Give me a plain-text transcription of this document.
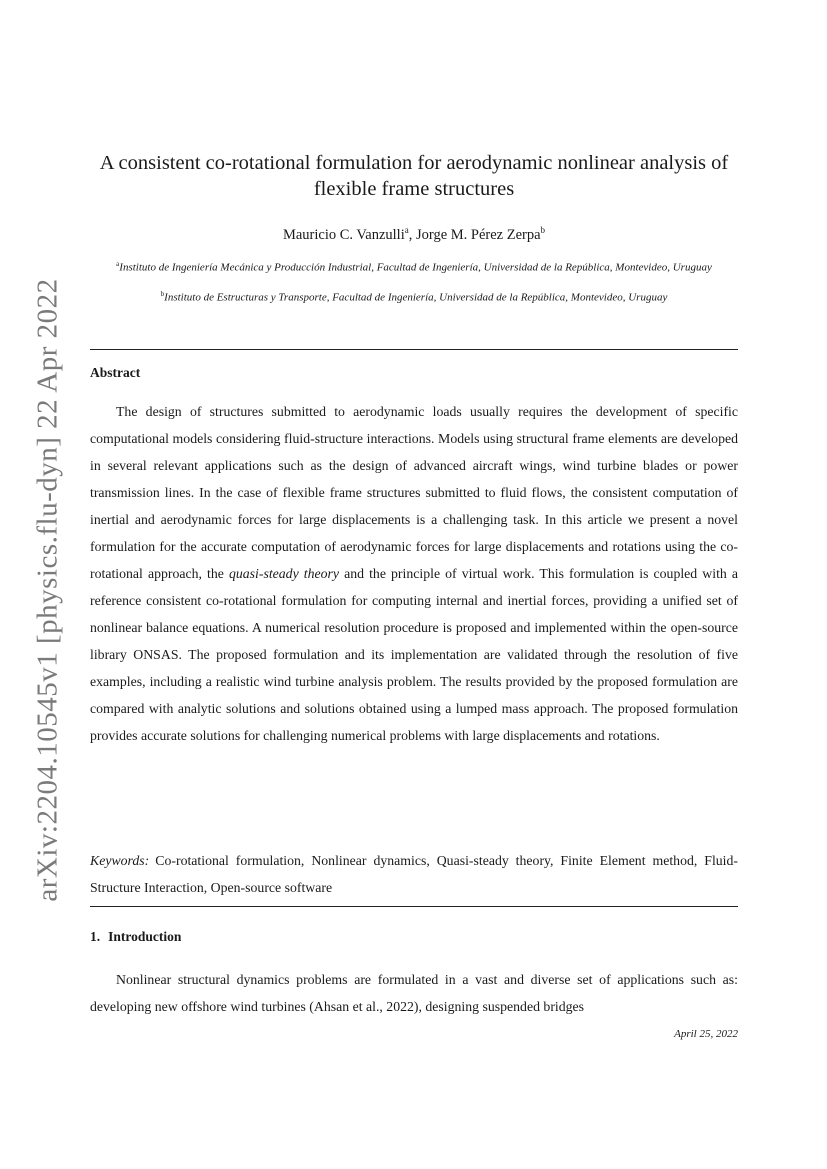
arXiv:2204.10545v1 [physics.flu-dyn] 22 Apr 2022
A consistent co-rotational formulation for aerodynamic nonlinear analysis of flexible frame structures
Mauricio C. Vanzulli$^a$, Jorge M. Pérez Zerpa$^b$
$^a$Instituto de Ingeniería Mecánica y Producción Industrial, Facultad de Ingeniería, Universidad de la República, Montevideo, Uruguay
$^b$Instituto de Estructuras y Transporte, Facultad de Ingeniería, Universidad de la República, Montevideo, Uruguay
Abstract

The design of structures submitted to aerodynamic loads usually requires the development of specific computational models considering fluid-structure interactions. Models using structural frame elements are developed in several relevant applications such as the design of advanced aircraft wings, wind turbine blades or power transmission lines. In the case of flexible frame structures submitted to fluid flows, the consistent computation of inertial and aerodynamic forces for large displacements is a challenging task. In this article we present a novel formulation for the accurate computation of aerodynamic forces for large displacements and rotations using the co-rotational approach, the quasi-steady theory and the principle of virtual work. This formulation is coupled with a reference consistent co-rotational formulation for computing internal and inertial forces, providing a unified set of nonlinear balance equations. A numerical resolution procedure is proposed and implemented within the open-source library ONSAS. The proposed formulation and its implementation are validated through the resolution of five examples, including a realistic wind turbine analysis problem. The results provided by the proposed formulation are compared with analytic solutions and solutions obtained using a lumped mass approach. The proposed formulation provides accurate solutions for challenging numerical problems with large displacements and rotations.

Keywords: Co-rotational formulation, Nonlinear dynamics, Quasi-steady theory, Finite Element method, Fluid-Structure Interaction, Open-source software

1. Introduction

Nonlinear structural dynamics problems are formulated in a vast and diverse set of applications such as: developing new offshore wind turbines (Ahsan et al., 2022), designing suspended bridges

April 25, 2022
